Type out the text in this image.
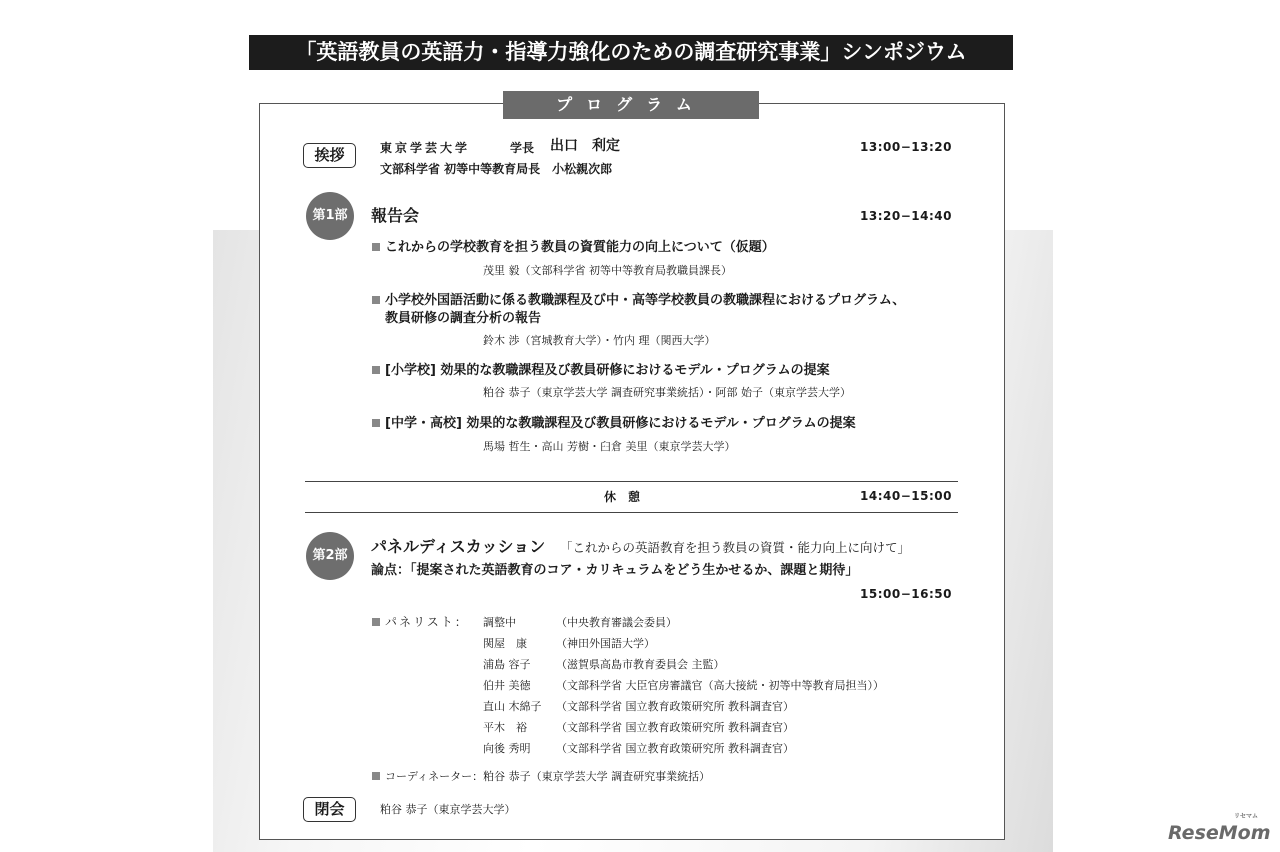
「英語教員の英語力・指導力強化のための調査研究事業」シンポジウム
プログラム
挨拶	東京学芸大学	学長 出口　利定
文部科学省 初等中等教育局長　小松親次郎
13:00−13:20
第1部	報告会	13:20−14:40
これからの学校教育を担う教員の資質能力の向上について（仮題）
茂里 毅（文部科学省 初等中等教育局教職員課長）
小学校外国語活動に係る教職課程及び中・高等学校教員の教職課程におけるプログラム、
教員研修の調査分析の報告
鈴木 渉（宮城教育大学）・竹内 理（関西大学）
[小学校] 効果的な教職課程及び教員研修におけるモデル・プログラムの提案
粕谷 恭子（東京学芸大学 調査研究事業統括）・阿部 始子（東京学芸大学）
[中学・高校] 効果的な教職課程及び教員研修におけるモデル・プログラムの提案
馬場 哲生・高山 芳樹・臼倉 美里（東京学芸大学）
休　憩	14:40−15:00
第2部	パネルディスカッション 「これからの英語教育を担う教員の資質・能力向上に向けて」
論点：「提案された英語教育のコア・カリキュラムをどう生かせるか、課題と期待」
15:00−16:50
パネリスト： 調整中	（中央教育審議会委員）
関屋　康	（神田外国語大学）
浦島 容子 （滋賀県高島市教育委員会 主監）
伯井 美徳 （文部科学省 大臣官房審議官（高大接続・初等中等教育局担当））
直山 木綿子 （文部科学省 国立教育政策研究所 教科調査官）
平木　裕	（文部科学省 国立教育政策研究所 教科調査官）
向後 秀明 （文部科学省 国立教育政策研究所 教科調査官）
コーディネーター：粕谷 恭子（東京学芸大学 調査研究事業統括）
閉会	粕谷 恭子（東京学芸大学）
ReseMom
リセマム
